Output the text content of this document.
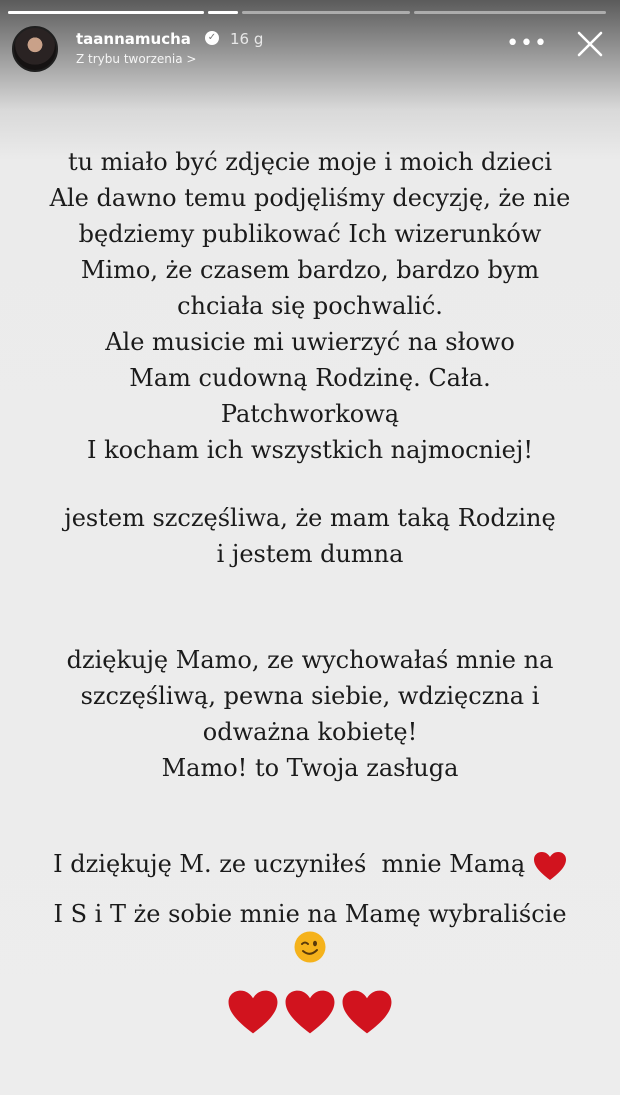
taannamucha ✓ 16 g
Z trybu tworzenia >
•••
tu miało być zdjęcie moje i moich dzieci
Ale dawno temu podjęliśmy decyzję, że nie
będziemy publikować Ich wizerunków
Mimo, że czasem bardzo, bardzo bym
chciała się pochwalić.
Ale musicie mi uwierzyć na słowo
Mam cudowną Rodzinę. Cała.
Patchworkową
I kocham ich wszystkich najmocniej!
jestem szczęśliwa, że mam taką Rodzinę
i jestem dumna
dziękuję Mamo, ze wychowałaś mnie na
szczęśliwą, pewna siebie, wdzięczna i
odważna kobietę!
Mamo! to Twoja zasługa
I dziękuję M. ze uczyniłeś  mnie Mamą
I S i T że sobie mnie na Mamę wybraliście
